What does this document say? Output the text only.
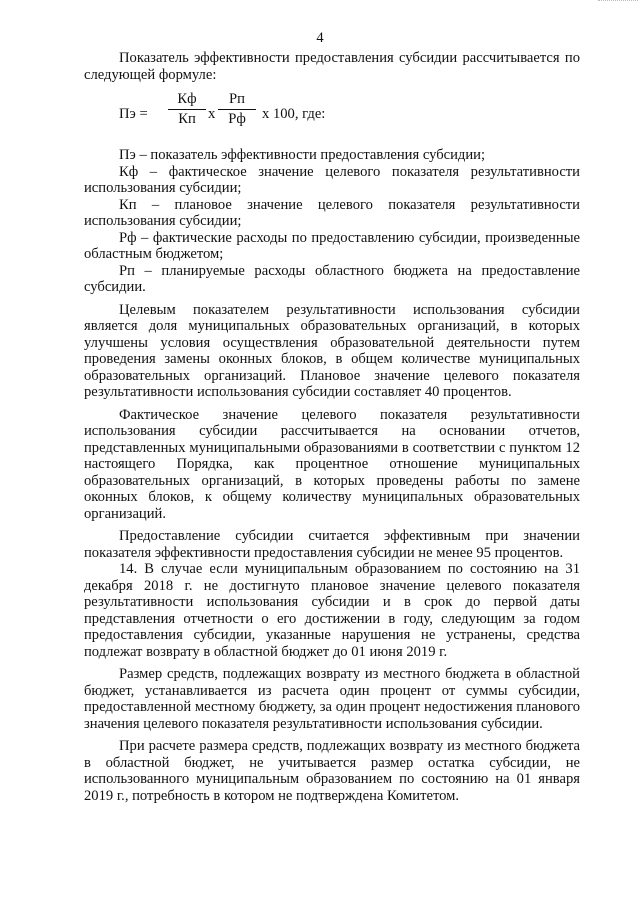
4

Показатель эффективности предоставления субсидии рассчитывается по следующей формуле:

Пэ =
Кф
Кп х
Рп
Рф	х 100, где:

Пэ – показатель эффективности предоставления субсидии;

Кф – фактическое значение целевого показателя результативности использования субсидии;

Кп – плановое значение целевого показателя результативности использования субсидии;

Рф – фактические расходы по предоставлению субсидии, произведенные областным бюджетом;

Рп – планируемые расходы областного бюджета на предоставление субсидии.

Целевым показателем результативности использования субсидии является доля муниципальных образовательных организаций, в которых улучшены условия осуществления образовательной деятельности путем проведения замены оконных блоков, в общем количестве муниципальных образовательных организаций. Плановое значение целевого показателя результативности использования субсидии составляет 40 процентов.

Фактическое значение целевого показателя результативности использования субсидии рассчитывается на основании отчетов, представленных муниципальными образованиями в соответствии с пунктом 12 настоящего Порядка, как процентное отношение муниципальных образовательных организаций, в которых проведены работы по замене оконных блоков, к общему количеству муниципальных образовательных организаций.

Предоставление субсидии считается эффективным при значении показателя эффективности предоставления субсидии не менее 95 процентов.

14. В случае если муниципальным образованием по состоянию на 31 декабря 2018 г. не достигнуто плановое значение целевого показателя результативности использования субсидии и в срок до первой даты представления отчетности о его достижении в году, следующим за годом предоставления субсидии, указанные нарушения не устранены, средства подлежат возврату в областной бюджет до 01 июня 2019 г.

Размер средств, подлежащих возврату из местного бюджета в областной бюджет, устанавливается из расчета один процент от суммы субсидии, предоставленной местному бюджету, за один процент недостижения планового значения целевого показателя результативности использования субсидии.

При расчете размера средств, подлежащих возврату из местного бюджета в областной бюджет, не учитывается размер остатка субсидии, не использованного муниципальным образованием по состоянию на 01 января 2019 г., потребность в котором не подтверждена Комитетом.
